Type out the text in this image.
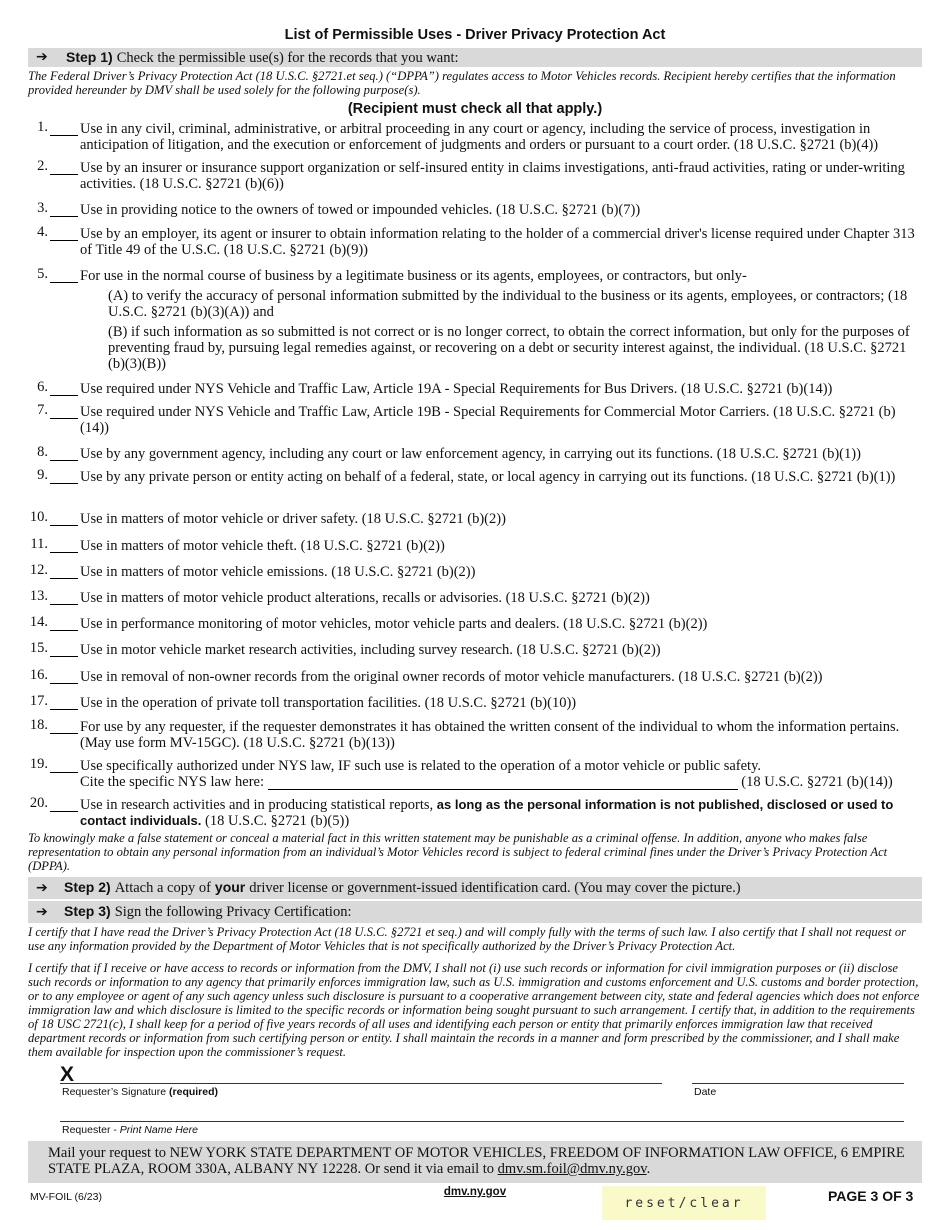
List of Permissible Uses - Driver Privacy Protection Act
➔ Step 1) Check the permissible use(s) for the records that you want:
The Federal Driver’s Privacy Protection Act (18 U.S.C. §2721.et seq.) (“DPPA”) regulates access to Motor Vehicles records. Recipient hereby certifies that the information provided hereunder by DMV shall be used solely for the following purpose(s).
(Recipient must check all that apply.)
1. Use in any civil, criminal, administrative, or arbitral proceeding in any court or agency, including the service of process, investigation in anticipation of litigation, and the execution or enforcement of judgments and orders or pursuant to a court order. (18 U.S.C. §2721 (b)(4))
2. Use by an insurer or insurance support organization or self-insured entity in claims investigations, anti-fraud activities, rating or under-writing activities. (18 U.S.C. §2721 (b)(6))
3. Use in providing notice to the owners of towed or impounded vehicles. (18 U.S.C. §2721 (b)(7))
4. Use by an employer, its agent or insurer to obtain information relating to the holder of a commercial driver's license required under Chapter 313 of Title 49 of the U.S.C. (18 U.S.C. §2721 (b)(9))
5. For use in the normal course of business by a legitimate business or its agents, employees, or contractors, but only-
(A) to verify the accuracy of personal information submitted by the individual to the business or its agents, employees, or contractors; (18 U.S.C. §2721 (b)(3)(A)) and
(B) if such information as so submitted is not correct or is no longer correct, to obtain the correct information, but only for the purposes of preventing fraud by, pursuing legal remedies against, or recovering on a debt or security interest against, the individual. (18 U.S.C. §2721 (b)(3)(B))
6. Use required under NYS Vehicle and Traffic Law, Article 19A - Special Requirements for Bus Drivers. (18 U.S.C. §2721 (b)(14))
7. Use required under NYS Vehicle and Traffic Law, Article 19B - Special Requirements for Commercial Motor Carriers. (18 U.S.C. §2721 (b)(14))
8. Use by any government agency, including any court or law enforcement agency, in carrying out its functions. (18 U.S.C. §2721 (b)(1))
9. Use by any private person or entity acting on behalf of a federal, state, or local agency in carrying out its functions. (18 U.S.C. §2721 (b)(1))
10. Use in matters of motor vehicle or driver safety. (18 U.S.C. §2721 (b)(2))
11. Use in matters of motor vehicle theft. (18 U.S.C. §2721 (b)(2))
12. Use in matters of motor vehicle emissions. (18 U.S.C. §2721 (b)(2))
13. Use in matters of motor vehicle product alterations, recalls or advisories. (18 U.S.C. §2721 (b)(2))
14. Use in performance monitoring of motor vehicles, motor vehicle parts and dealers. (18 U.S.C. §2721 (b)(2))
15. Use in motor vehicle market research activities, including survey research. (18 U.S.C. §2721 (b)(2))
16. Use in removal of non-owner records from the original owner records of motor vehicle manufacturers. (18 U.S.C. §2721 (b)(2))
17. Use in the operation of private toll transportation facilities. (18 U.S.C. §2721 (b)(10))
18. For use by any requester, if the requester demonstrates it has obtained the written consent of the individual to whom the information pertains. (May use form MV-15GC). (18 U.S.C. §2721 (b)(13))
19. Use specifically authorized under NYS law, IF such use is related to the operation of a motor vehicle or public safety.
Cite the specific NYS law here:	(18 U.S.C. §2721 (b)(14))
20. Use in research activities and in producing statistical reports, as long as the personal information is not published, disclosed or used to contact individuals. (18 U.S.C. §2721 (b)(5))
To knowingly make a false statement or conceal a material fact in this written statement may be punishable as a criminal offense. In addition, anyone who makes false representation to obtain any personal information from an individual’s Motor Vehicles record is subject to federal criminal fines under the Driver’s Privacy Protection Act (DPPA).
➔ Step 2) Attach a copy of your driver license or government-issued identification card. (You may cover the picture.)
➔ Step 3) Sign the following Privacy Certification:
I certify that I have read the Driver’s Privacy Protection Act (18 U.S.C. §2721 et seq.) and will comply fully with the terms of such law. I also certify that I shall not request or use any information provided by the Department of Motor Vehicles that is not specifically authorized by the Driver’s Privacy Protection Act.
I certify that if I receive or have access to records or information from the DMV, I shall not (i) use such records or information for civil immigration purposes or (ii) disclose such records or information to any agency that primarily enforces immigration law, such as U.S. immigration and customs enforcement and U.S. customs and border protection, or to any employee or agent of any such agency unless such disclosure is pursuant to a cooperative arrangement between city, state and federal agencies which does not enforce immigration law and which disclosure is limited to the specific records or information being sought pursuant to such arrangement. I certify that, in addition to the requirements of 18 USC 2721(c), I shall keep for a period of five years records of all uses and identifying each person or entity that primarily enforces immigration law that received department records or information from such certifying person or entity. I shall maintain the records in a manner and form prescribed by the commissioner, and I shall make them available for inspection upon the commissioner’s request.
X
Requester’s Signature (required)	Date
Requester - Print Name Here
Mail your request to NEW YORK STATE DEPARTMENT OF MOTOR VEHICLES, FREEDOM OF INFORMATION LAW OFFICE, 6 EMPIRE STATE PLAZA, ROOM 330A, ALBANY NY 12228. Or send it via email to dmv.sm.foil@dmv.ny.gov.
MV-FOIL (6/23)	dmv.ny.gov
reset/clear	PAGE 3 OF 3
